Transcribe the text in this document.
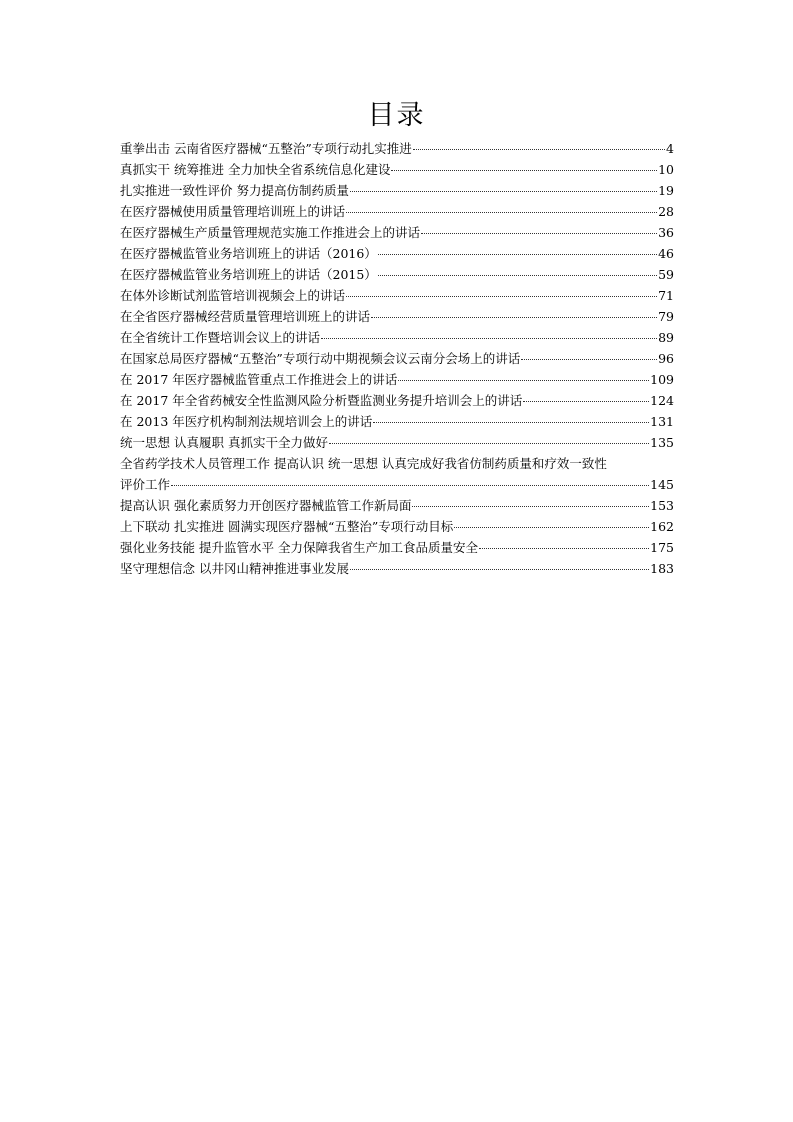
目录
重拳出击 云南省医疗器械“五整治”专项行动扎实推进	4
真抓实干 统筹推进 全力加快全省系统信息化建设	10
扎实推进一致性评价 努力提高仿制药质量	19
在医疗器械使用质量管理培训班上的讲话	28
在医疗器械生产质量管理规范实施工作推进会上的讲话	36
在医疗器械监管业务培训班上的讲话（2016）	46
在医疗器械监管业务培训班上的讲话（2015）	59
在体外诊断试剂监管培训视频会上的讲话	71
在全省医疗器械经营质量管理培训班上的讲话	79
在全省统计工作暨培训会议上的讲话	89
在国家总局医疗器械“五整治”专项行动中期视频会议云南分会场上的讲话	96
在 2017 年医疗器械监管重点工作推进会上的讲话	109
在 2017 年全省药械安全性监测风险分析暨监测业务提升培训会上的讲话	124
在 2013 年医疗机构制剂法规培训会上的讲话	131
统一思想 认真履职 真抓实干全力做好	135
全省药学技术人员管理工作 提高认识 统一思想 认真完成好我省仿制药质量和疗效一致性
评价工作	145
提高认识 强化素质努力开创医疗器械监管工作新局面	153
上下联动 扎实推进 圆满实现医疗器械“五整治”专项行动目标	162
强化业务技能 提升监管水平 全力保障我省生产加工食品质量安全	175
坚守理想信念 以井冈山精神推进事业发展	183
